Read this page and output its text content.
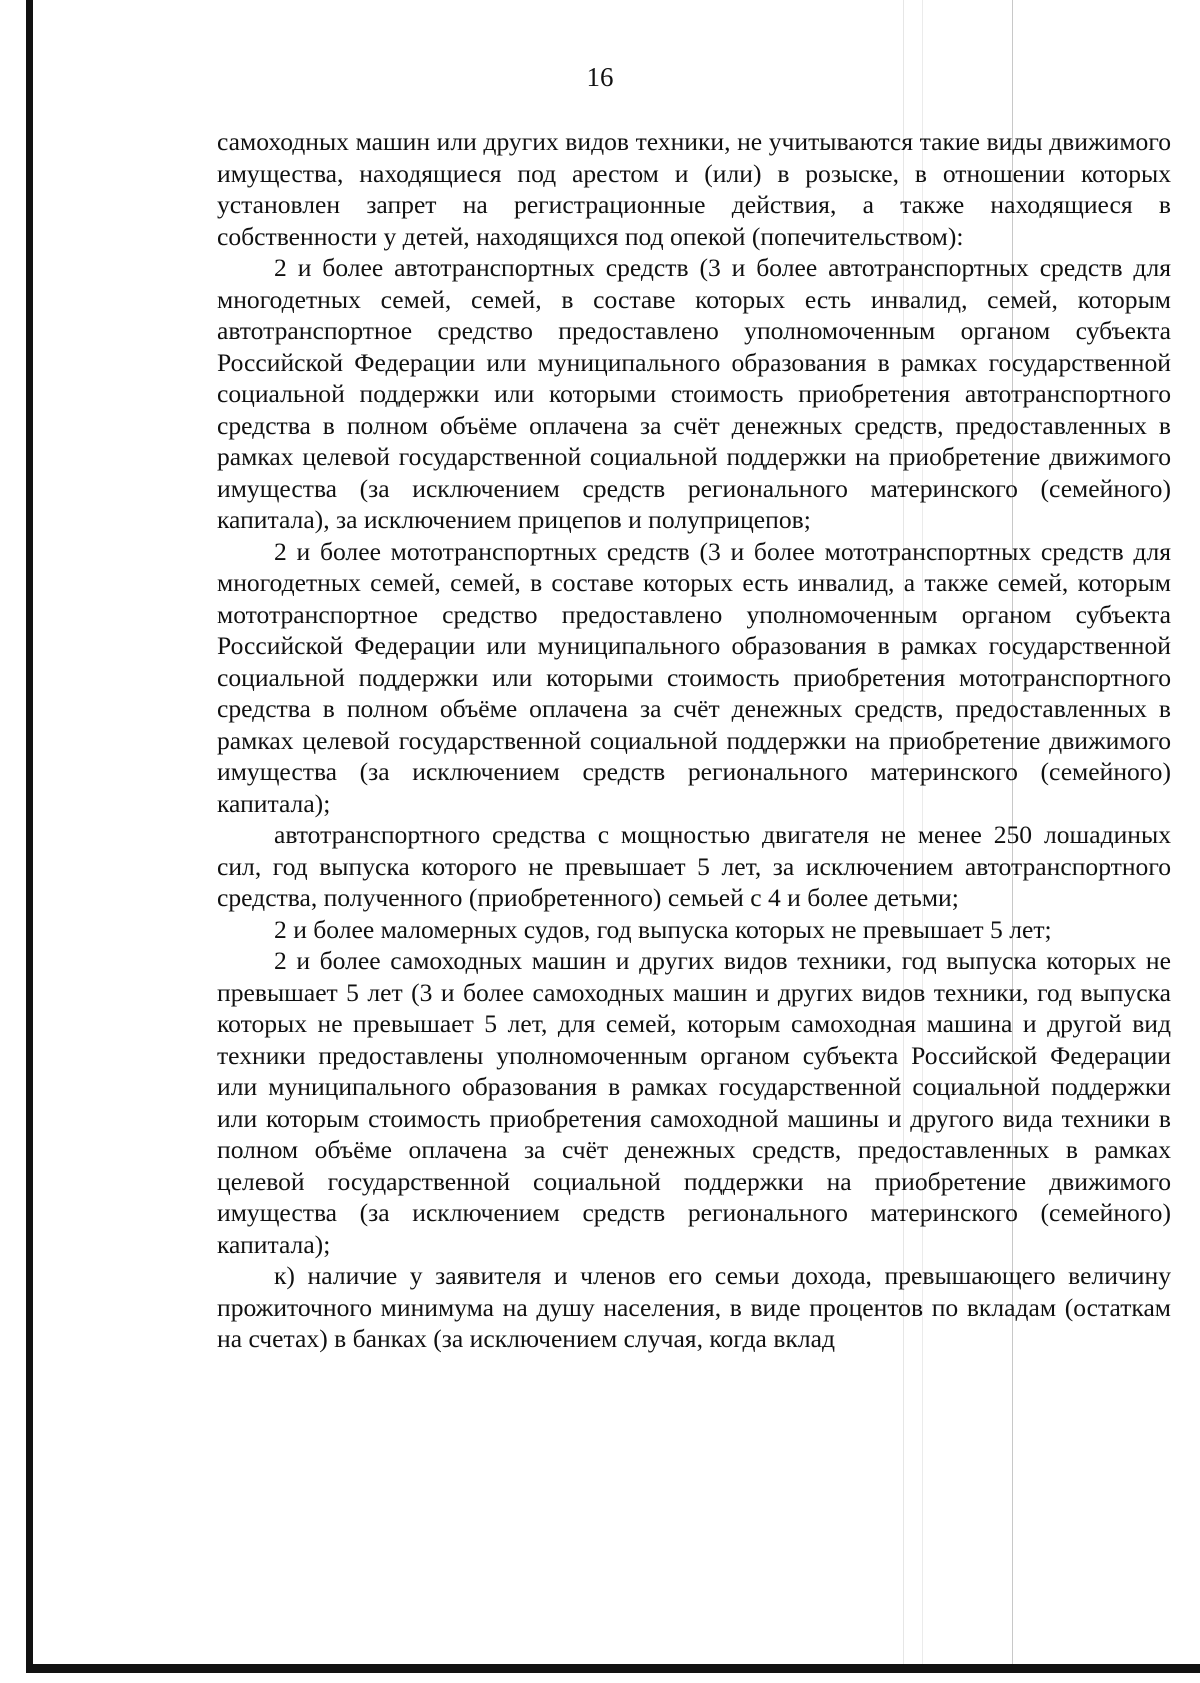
16

самоходных машин или других видов техники, не учитываются такие виды движимого имущества, находящиеся под арестом и (или) в розыске, в отношении которых установлен запрет на регистрационные действия, а также находящиеся в собственности у детей, находящихся под опекой (попечительством):

2 и более автотранспортных средств (3 и более автотранспортных средств для многодетных семей, семей, в составе которых есть инвалид, семей, которым автотранспортное средство предоставлено уполномоченным органом субъекта Российской Федерации или муниципального образования в рамках государственной социальной поддержки или которыми стоимость приобретения автотранспортного средства в полном объёме оплачена за счёт денежных средств, предоставленных в рамках целевой государственной социальной поддержки на приобретение движимого имущества (за исключением средств регионального материнского (семейного) капитала), за исключением прицепов и полуприцепов;

2 и более мототранспортных средств (3 и более мототранспортных средств для многодетных семей, семей, в составе которых есть инвалид, а также семей, которым мототранспортное средство предоставлено уполномоченным органом субъекта Российской Федерации или муниципального образования в рамках государственной социальной поддержки или которыми стоимость приобретения мототранспортного средства в полном объёме оплачена за счёт денежных средств, предоставленных в рамках целевой государственной социальной поддержки на приобретение движимого имущества (за исключением средств регионального материнского (семейного) капитала);

автотранспортного средства с мощностью двигателя не менее 250 лошадиных сил, год выпуска которого не превышает 5 лет, за исключением автотранспортного средства, полученного (приобретенного) семьей с 4 и более детьми;

2 и более маломерных судов, год выпуска которых не превышает 5 лет;

2 и более самоходных машин и других видов техники, год выпуска которых не превышает 5 лет (3 и более самоходных машин и других видов техники, год выпуска которых не превышает 5 лет, для семей, которым самоходная машина и другой вид техники предоставлены уполномоченным органом субъекта Российской Федерации или муниципального образования в рамках государственной социальной поддержки или которым стоимость приобретения самоходной машины и другого вида техники в полном объёме оплачена за счёт денежных средств, предоставленных в рамках целевой государственной социальной поддержки на приобретение движимого имущества (за исключением средств регионального материнского (семейного) капитала);

к) наличие у заявителя и членов его семьи дохода, превышающего величину прожиточного минимума на душу населения, в виде процентов по вкладам (остаткам на счетах) в банках (за исключением случая, когда вклад
